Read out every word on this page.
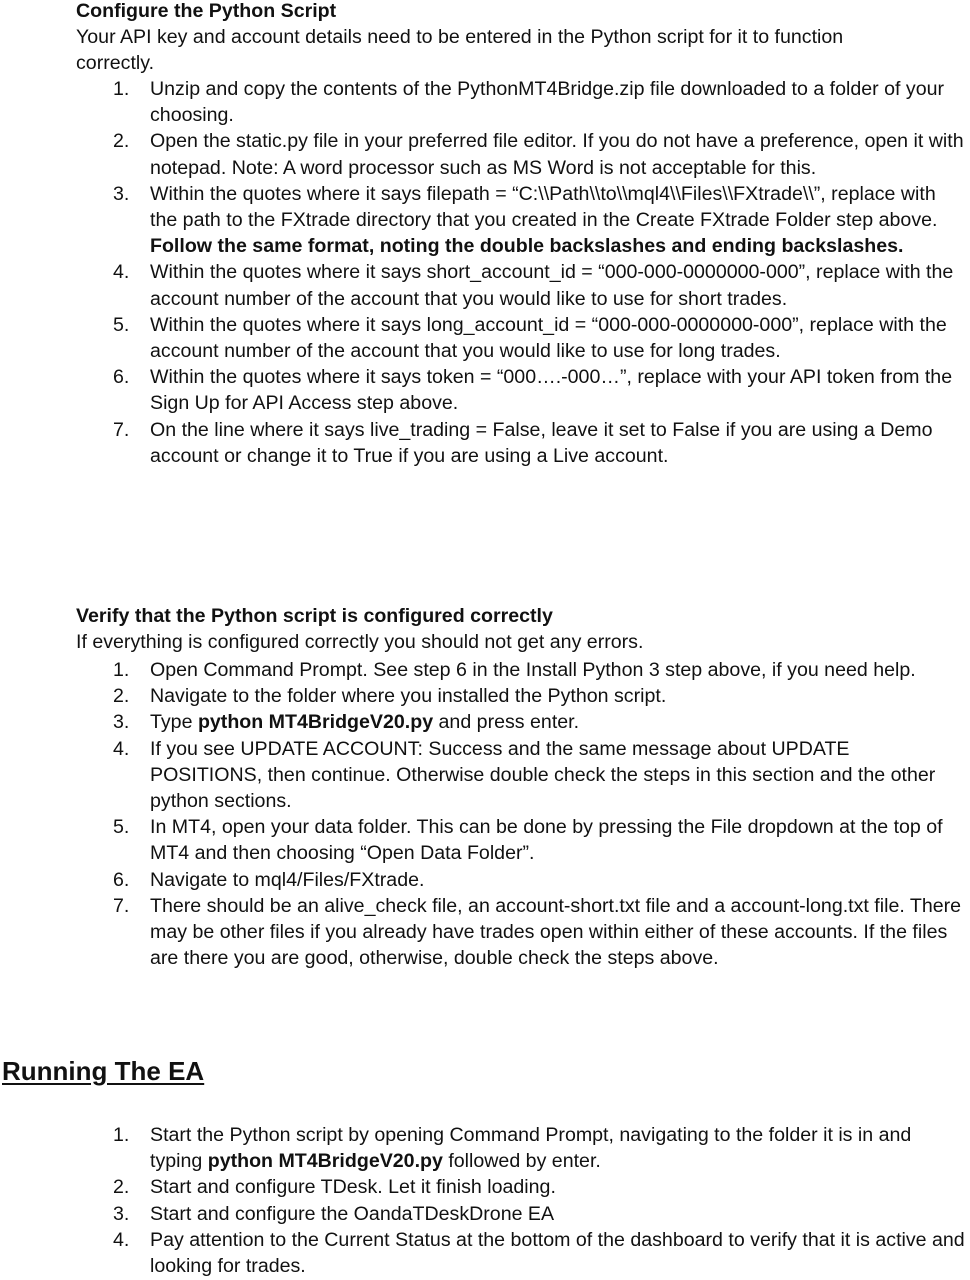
Configure the Python Script
Your API key and account details need to be entered in the Python script for it to function correctly.
1. Unzip and copy the contents of the PythonMT4Bridge.zip file downloaded to a folder of your choosing.
2. Open the static.py file in your preferred file editor. If you do not have a preference, open it with notepad. Note: A word processor such as MS Word is not acceptable for this.
3. Within the quotes where it says filepath = “C:\\Path\\to\\mql4\\Files\\FXtrade\\”, replace with the path to the FXtrade directory that you created in the Create FXtrade Folder step above. Follow the same format, noting the double backslashes and ending backslashes.
4. Within the quotes where it says short_account_id = “000-000-0000000-000”, replace with the account number of the account that you would like to use for short trades.
5. Within the quotes where it says long_account_id = “000-000-0000000-000”, replace with the account number of the account that you would like to use for long trades.
6. Within the quotes where it says token = “000….-000…”, replace with your API token from the Sign Up for API Access step above.
7. On the line where it says live_trading = False, leave it set to False if you are using a Demo account or change it to True if you are using a Live account.
Verify that the Python script is configured correctly
If everything is configured correctly you should not get any errors.
1. Open Command Prompt. See step 6 in the Install Python 3 step above, if you need help.
2. Navigate to the folder where you installed the Python script.
3. Type python MT4BridgeV20.py and press enter.
4. If you see UPDATE ACCOUNT: Success and the same message about UPDATE POSITIONS, then continue. Otherwise double check the steps in this section and the other python sections.
5. In MT4, open your data folder. This can be done by pressing the File dropdown at the top of MT4 and then choosing “Open Data Folder”.
6. Navigate to mql4/Files/FXtrade.
7. There should be an alive_check file, an account-short.txt file and a account-long.txt file. There may be other files if you already have trades open within either of these accounts. If the files are there you are good, otherwise, double check the steps above.
Running The EA
1. Start the Python script by opening Command Prompt, navigating to the folder it is in and typing python MT4BridgeV20.py followed by enter.
2. Start and configure TDesk. Let it finish loading.
3. Start and configure the OandaTDeskDrone EA
4. Pay attention to the Current Status at the bottom of the dashboard to verify that it is active and looking for trades.
